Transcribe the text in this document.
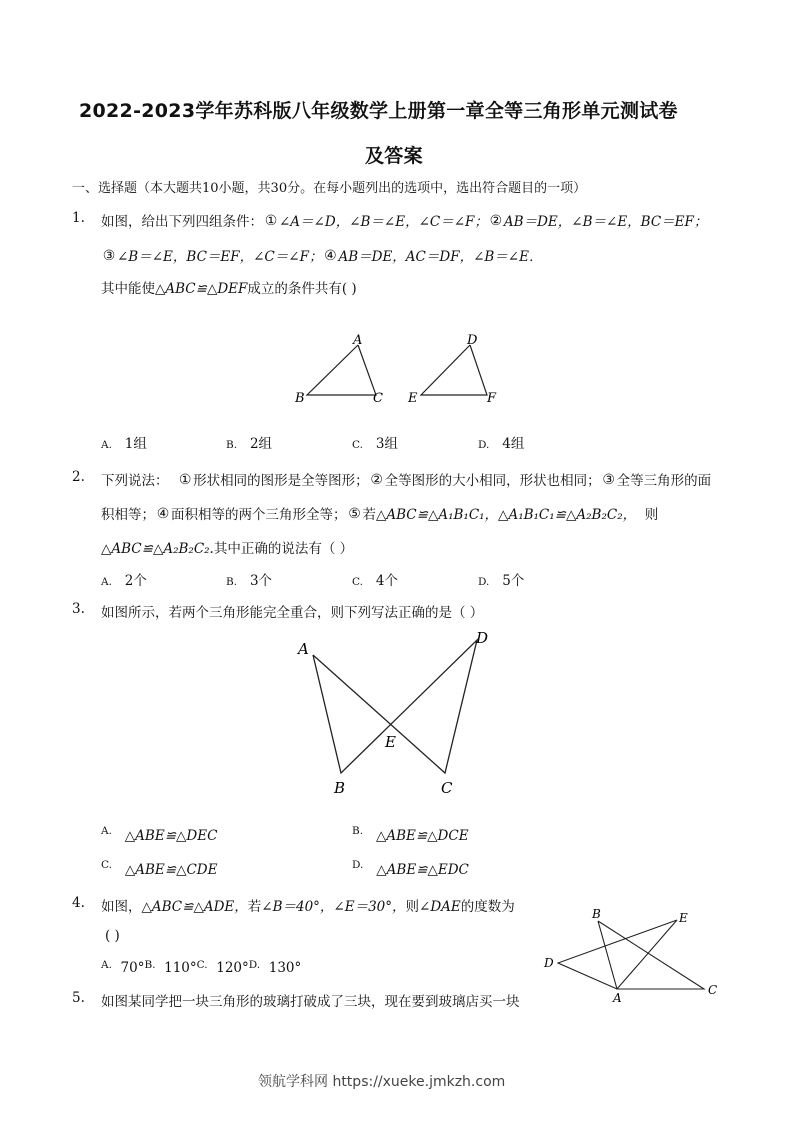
2022-2023学年苏科版八年级数学上册第一章全等三角形单元测试卷
及答案
一、选择题（本大题共10小题，共30分。在每小题列出的选项中，选出符合题目的一项）
1. 如图，给出下列四组条件： ① ∠A＝∠D，∠B＝∠E，∠C＝∠F； ② AB＝DE，∠B＝∠E，BC＝EF；
③ ∠B＝∠E，BC＝EF，∠C＝∠F； ④ AB＝DE，AC＝DF，∠B＝∠E．
其中能使△ABC≌△DEF成立的条件共有( )
A
B	C
D
E	F
A. 1组	B. 2组	C. 3组	D. 4组
2. 下列说法： ① 形状相同的图形是全等图形； ② 全等图形的大小相同，形状也相同； ③ 全等三角形的面
积相等； ④ 面积相等的两个三角形全等； ⑤ 若△ABC≌△A₁B₁C₁，△A₁B₁C₁≌△A₂B₂C₂， 则
△ABC≌△A₂B₂C₂.其中正确的说法有（ ）
A. 2个	B. 3个	C. 4个	D. 5个
3. 如图所示，若两个三角形能完全重合，则下列写法正确的是（ ）
A
D
E
B	C
$^{A.}$ △ABE≌△DEC	$^{B.}$ △ABE≌△DCE
$^{C.}$ △ABE≌△CDE	$^{D.}$ △ABE≌△EDC
4. 如图，△ABC≌△ADE，若∠B＝40°，∠E＝30°，则∠DAE的度数为
( )
$^{A.}$ 70°$^{B.}$ 110°$^{C.}$ 120°$^{D.}$ 130°
B	E
D
A
C
5. 如图某同学把一块三角形的玻璃打破成了三块，现在要到玻璃店买一块
领航学科网 https://xueke.jmkzh.com
